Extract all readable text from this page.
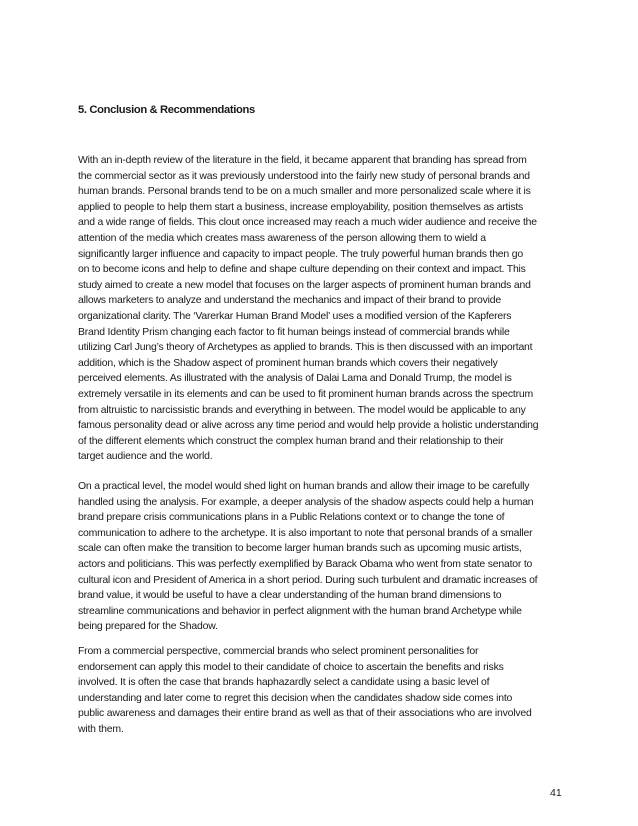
5. Conclusion & Recommendations
With an in-depth review of the literature in the field, it became apparent that branding has spread from
the commercial sector as it was previously understood into the fairly new study of personal brands and
human brands. Personal brands tend to be on a much smaller and more personalized scale where it is
applied to people to help them start a business, increase employability, position themselves as artists
and a wide range of fields. This clout once increased may reach a much wider audience and receive the
attention of the media which creates mass awareness of the person allowing them to wield a
significantly larger influence and capacity to impact people. The truly powerful human brands then go
on to become icons and help to define and shape culture depending on their context and impact. This
study aimed to create a new model that focuses on the larger aspects of prominent human brands and
allows marketers to analyze and understand the mechanics and impact of their brand to provide
organizational clarity. The ‘Varerkar Human Brand Model’ uses a modified version of the Kapferers
Brand Identity Prism changing each factor to fit human beings instead of commercial brands while
utilizing Carl Jung’s theory of Archetypes as applied to brands. This is then discussed with an important
addition, which is the Shadow aspect of prominent human brands which covers their negatively
perceived elements. As illustrated with the analysis of Dalai Lama and Donald Trump, the model is
extremely versatile in its elements and can be used to fit prominent human brands across the spectrum
from altruistic to narcissistic brands and everything in between. The model would be applicable to any
famous personality dead or alive across any time period and would help provide a holistic understanding
of the different elements which construct the complex human brand and their relationship to their
target audience and the world.
On a practical level, the model would shed light on human brands and allow their image to be carefully
handled using the analysis. For example, a deeper analysis of the shadow aspects could help a human
brand prepare crisis communications plans in a Public Relations context or to change the tone of
communication to adhere to the archetype. It is also important to note that personal brands of a smaller
scale can often make the transition to become larger human brands such as upcoming music artists,
actors and politicians. This was perfectly exemplified by Barack Obama who went from state senator to
cultural icon and President of America in a short period. During such turbulent and dramatic increases of
brand value, it would be useful to have a clear understanding of the human brand dimensions to
streamline communications and behavior in perfect alignment with the human brand Archetype while
being prepared for the Shadow.
From a commercial perspective, commercial brands who select prominent personalities for
endorsement can apply this model to their candidate of choice to ascertain the benefits and risks
involved. It is often the case that brands haphazardly select a candidate using a basic level of
understanding and later come to regret this decision when the candidates shadow side comes into
public awareness and damages their entire brand as well as that of their associations who are involved
with them.
41
